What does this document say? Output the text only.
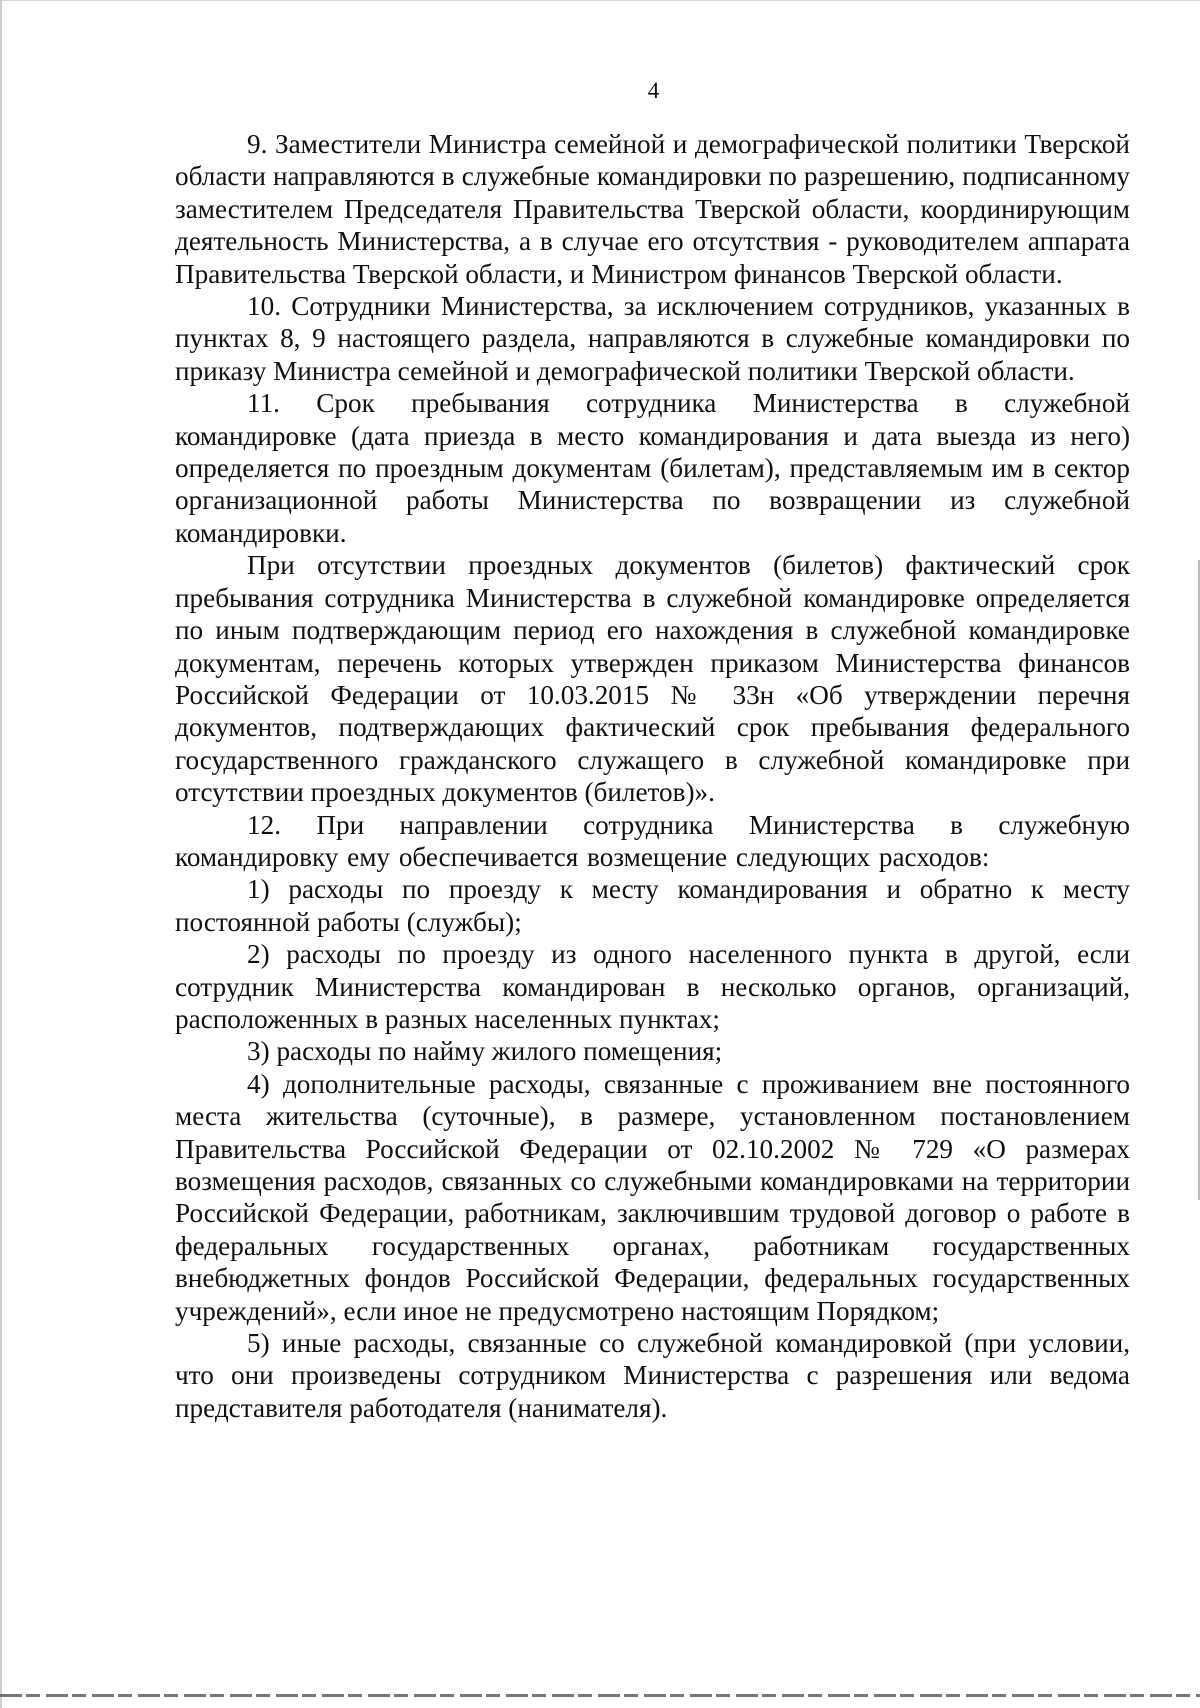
4

9. Заместители Министра семейной и демографической политики Тверской области направляются в служебные командировки по разрешению, подписанному заместителем Председателя Правительства Тверской области, координирующим деятельность Министерства, а в случае его отсутствия - руководителем аппарата Правительства Тверской области, и Министром финансов Тверской области.

10. Сотрудники Министерства, за исключением сотрудников, указанных в пунктах 8, 9 настоящего раздела, направляются в служебные командировки по приказу Министра семейной и демографической политики Тверской области.

11. Срок пребывания сотрудника Министерства в служебной командировке (дата приезда в место командирования и дата выезда из него) определяется по проездным документам (билетам), представляемым им в сектор организационной работы Министерства по возвращении из служебной командировки.

При отсутствии проездных документов (билетов) фактический срок пребывания сотрудника Министерства в служебной командировке определяется по иным подтверждающим период его нахождения в служебной командировке документам, перечень которых утвержден приказом Министерства финансов Российской Федерации от 10.03.2015 № 33н «Об утверждении перечня документов, подтверждающих фактический срок пребывания федерального государственного гражданского служащего в служебной командировке при отсутствии проездных документов (билетов)».

12. При направлении сотрудника Министерства в служебную командировку ему обеспечивается возмещение следующих расходов:

1) расходы по проезду к месту командирования и обратно к месту постоянной работы (службы);

2) расходы по проезду из одного населенного пункта в другой, если сотрудник Министерства командирован в несколько органов, организаций, расположенных в разных населенных пунктах;

3) расходы по найму жилого помещения;

4) дополнительные расходы, связанные с проживанием вне постоянного места жительства (суточные), в размере, установленном постановлением Правительства Российской Федерации от 02.10.2002 № 729 «О размерах возмещения расходов, связанных со служебными командировками на территории Российской Федерации, работникам, заключившим трудовой договор о работе в федеральных государственных органах, работникам государственных внебюджетных фондов Российской Федерации, федеральных государственных учреждений», если иное не предусмотрено настоящим Порядком;

5) иные расходы, связанные со служебной командировкой (при условии, что они произведены сотрудником Министерства с разрешения или ведома представителя работодателя (нанимателя).
